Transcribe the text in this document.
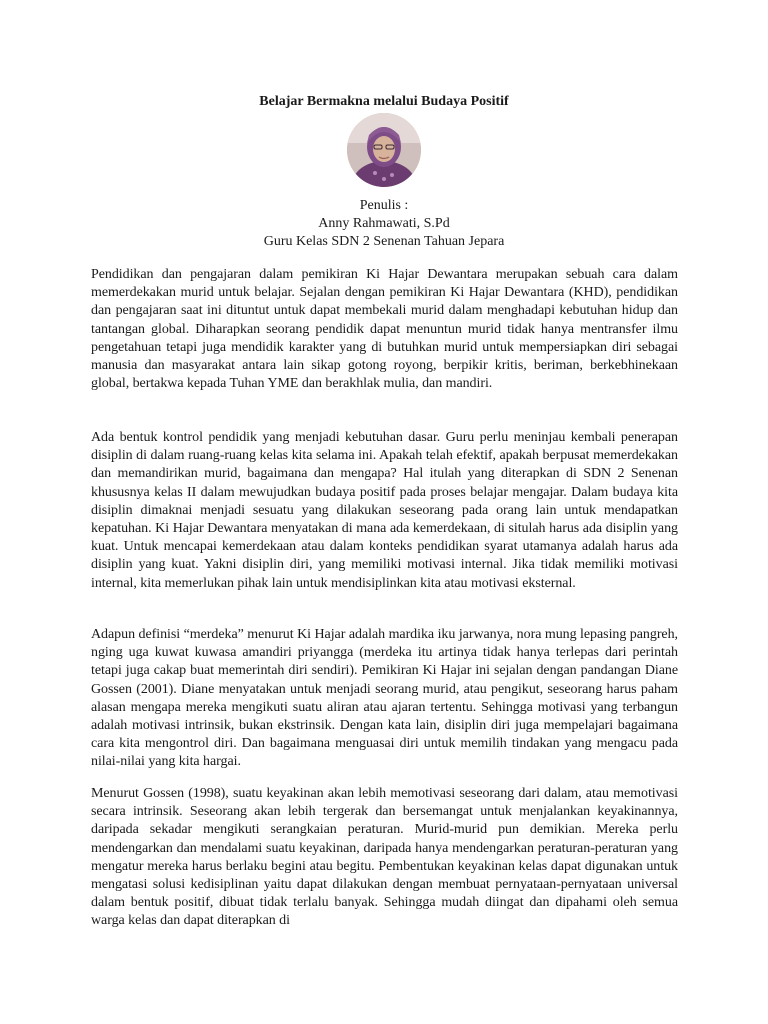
Belajar Bermakna melalui Budaya Positif
Penulis :
Anny Rahmawati, S.Pd
Guru Kelas SDN 2 Senenan Tahuan Jepara

Pendidikan dan pengajaran dalam pemikiran Ki Hajar Dewantara merupakan sebuah cara dalam memerdekakan murid untuk belajar. Sejalan dengan pemikiran Ki Hajar Dewantara (KHD), pendidikan dan pengajaran saat ini dituntut untuk dapat membekali murid dalam menghadapi kebutuhan hidup dan tantangan global. Diharapkan seorang pendidik dapat menuntun murid tidak hanya mentransfer ilmu pengetahuan tetapi juga mendidik karakter yang di butuhkan murid untuk mempersiapkan diri sebagai manusia dan masyarakat antara lain sikap gotong royong, berpikir kritis, beriman, berkebhinekaan global, bertakwa kepada Tuhan YME dan berakhlak mulia, dan mandiri.

Ada bentuk kontrol pendidik yang menjadi kebutuhan dasar. Guru perlu meninjau kembali penerapan disiplin di dalam ruang-ruang kelas kita selama ini. Apakah telah efektif, apakah berpusat memerdekakan dan memandirikan murid, bagaimana dan mengapa? Hal itulah yang diterapkan di SDN 2 Senenan khususnya kelas II dalam mewujudkan budaya positif pada proses belajar mengajar. Dalam budaya kita disiplin dimaknai menjadi sesuatu yang dilakukan seseorang pada orang lain untuk mendapatkan kepatuhan. Ki Hajar Dewantara menyatakan di mana ada kemerdekaan, di situlah harus ada disiplin yang kuat. Untuk mencapai kemerdekaan atau dalam konteks pendidikan syarat utamanya adalah harus ada disiplin yang kuat. Yakni disiplin diri, yang memiliki motivasi internal. Jika tidak memiliki motivasi internal, kita memerlukan pihak lain untuk mendisiplinkan kita atau motivasi eksternal.

Adapun definisi “merdeka” menurut Ki Hajar adalah mardika iku jarwanya, nora mung lepasing pangreh, nging uga kuwat kuwasa amandiri priyangga (merdeka itu artinya tidak hanya terlepas dari perintah tetapi juga cakap buat memerintah diri sendiri). Pemikiran Ki Hajar ini sejalan dengan pandangan Diane Gossen (2001). Diane menyatakan untuk menjadi seorang murid, atau pengikut, seseorang harus paham alasan mengapa mereka mengikuti suatu aliran atau ajaran tertentu. Sehingga motivasi yang terbangun adalah motivasi intrinsik, bukan ekstrinsik. Dengan kata lain, disiplin diri juga mempelajari bagaimana cara kita mengontrol diri. Dan bagaimana menguasai diri untuk memilih tindakan yang mengacu pada nilai-nilai yang kita hargai.

Menurut Gossen (1998), suatu keyakinan akan lebih memotivasi seseorang dari dalam, atau memotivasi secara intrinsik. Seseorang akan lebih tergerak dan bersemangat untuk menjalankan keyakinannya, daripada sekadar mengikuti serangkaian peraturan. Murid-murid pun demikian. Mereka perlu mendengarkan dan mendalami suatu keyakinan, daripada hanya mendengarkan peraturan-peraturan yang mengatur mereka harus berlaku begini atau begitu. Pembentukan keyakinan kelas dapat digunakan untuk mengatasi solusi kedisiplinan yaitu dapat dilakukan dengan membuat pernyataan-pernyataan universal dalam bentuk positif, dibuat tidak terlalu banyak. Sehingga mudah diingat dan dipahami oleh semua warga kelas dan dapat diterapkan di
